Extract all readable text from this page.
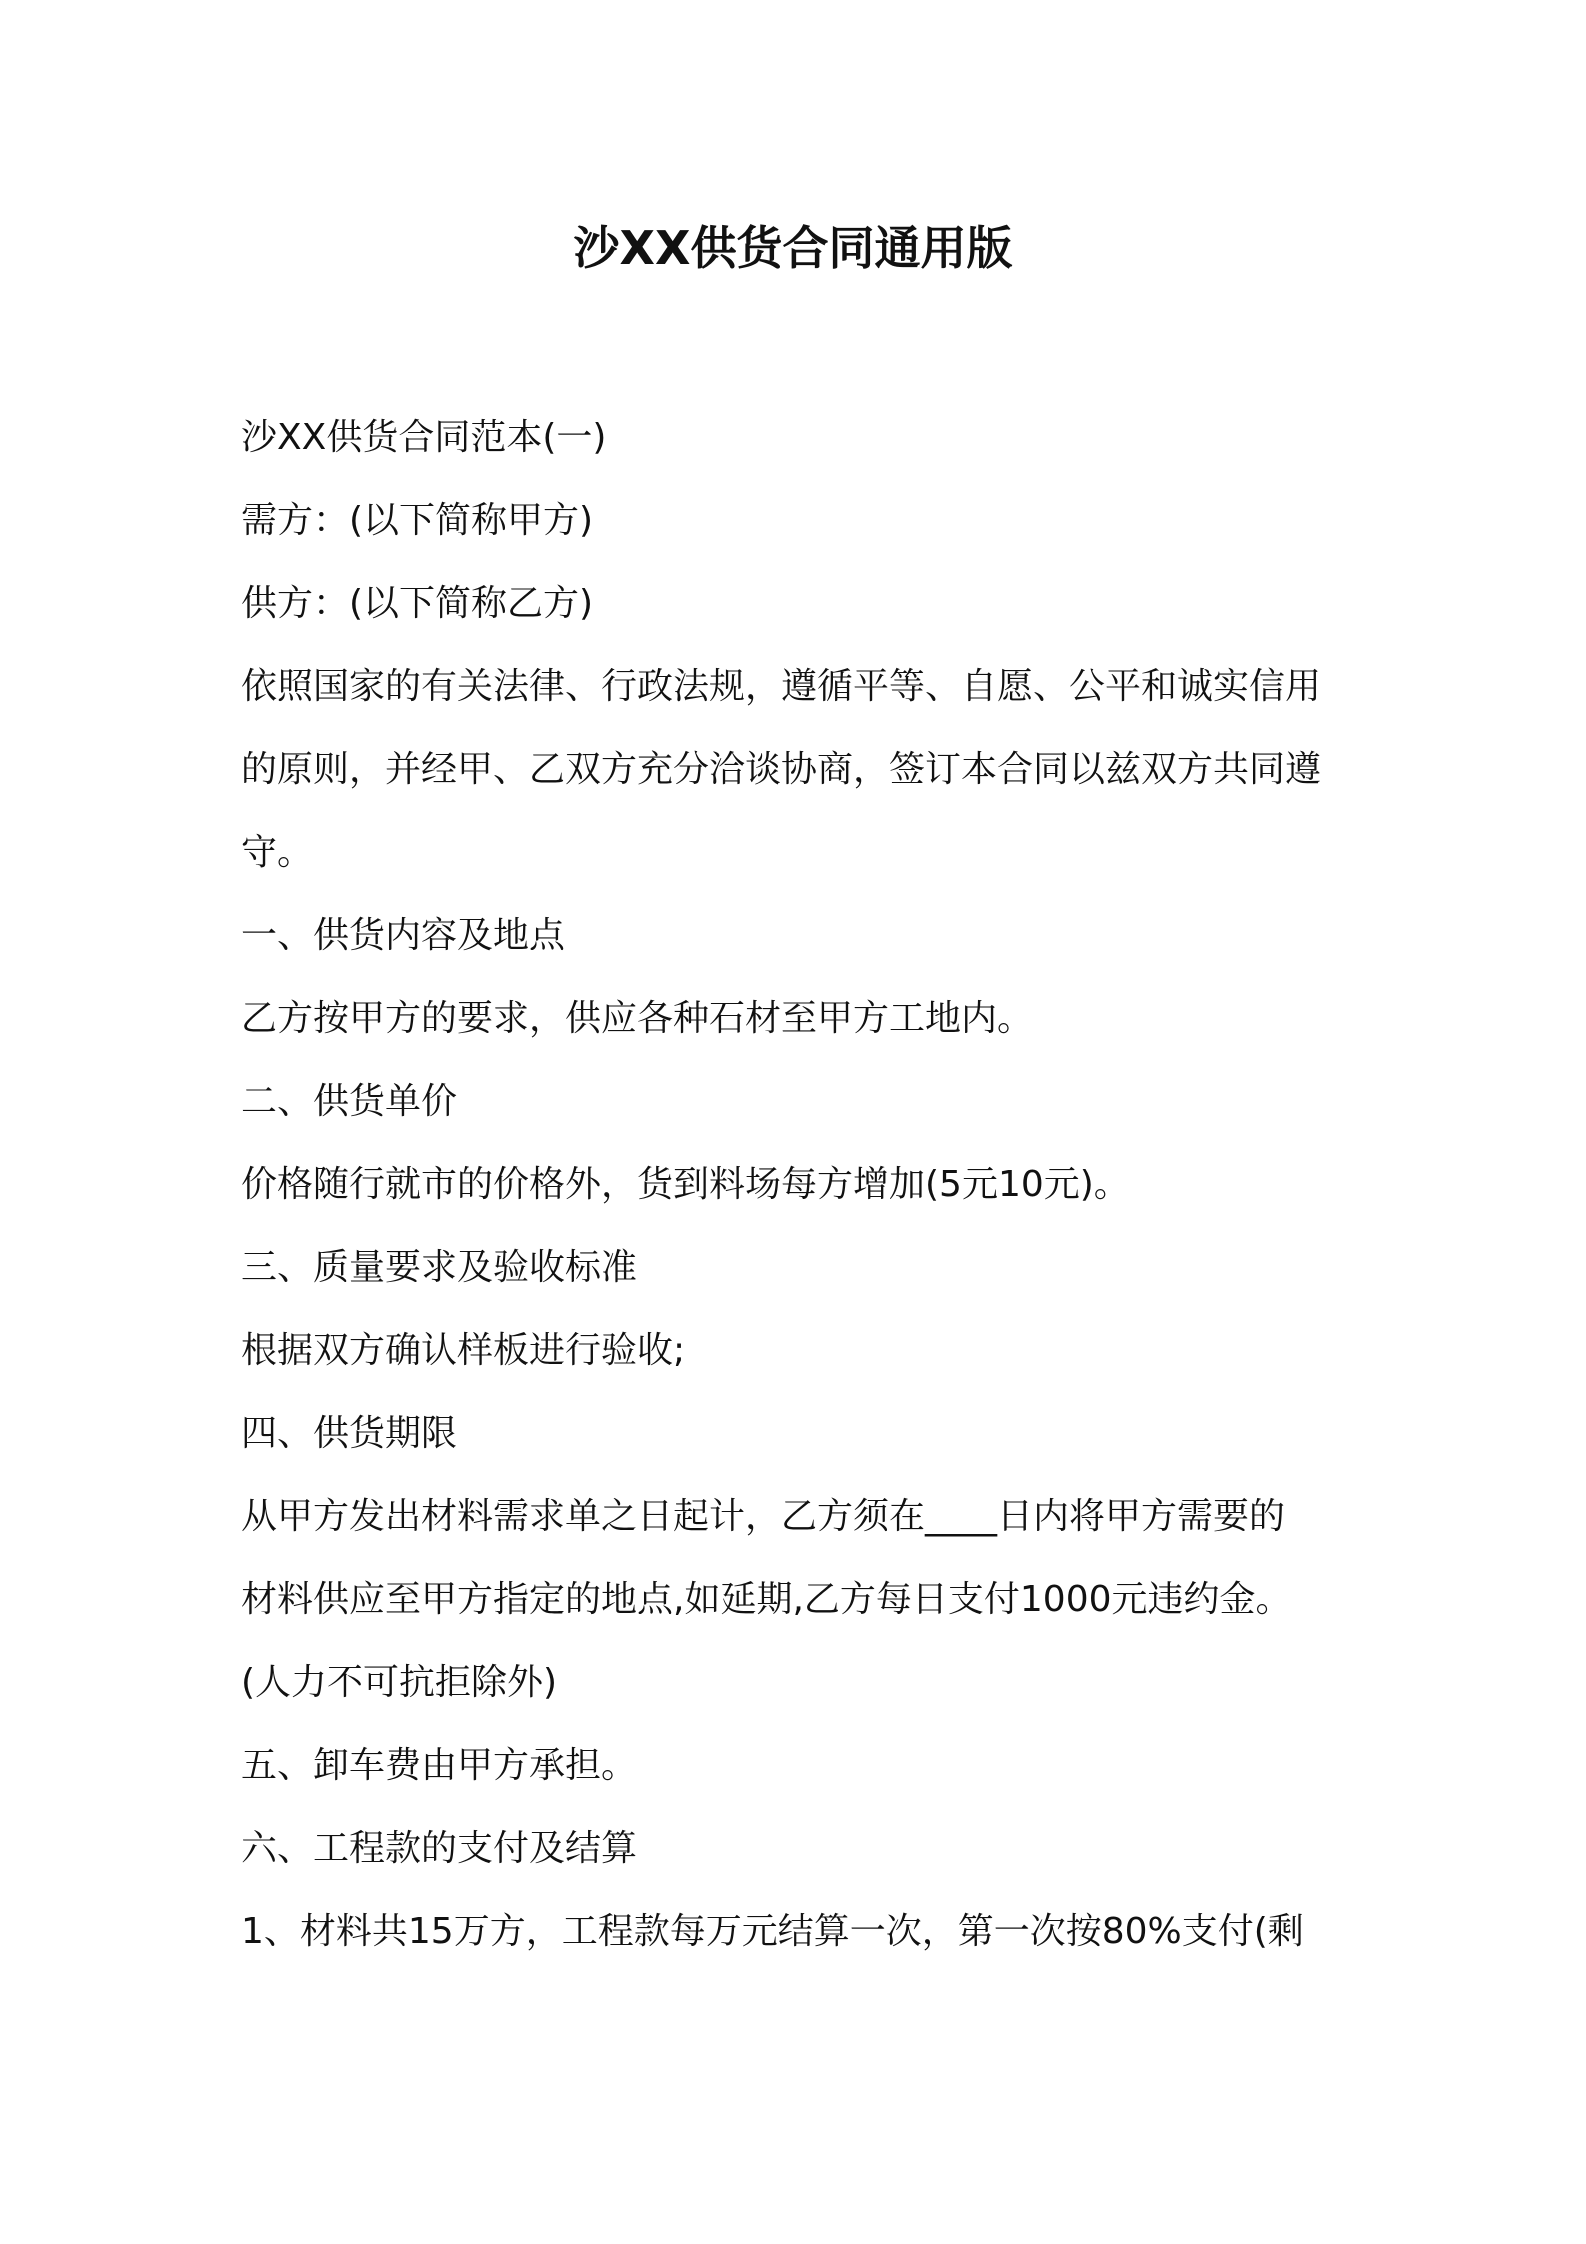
沙XX供货合同通用版

沙XX供货合同范本(一)

需方：(以下简称甲方)

供方：(以下简称乙方)

依照国家的有关法律、行政法规，遵循平等、自愿、公平和诚实信用

的原则，并经甲、乙双方充分洽谈协商，签订本合同以兹双方共同遵

守。

一、供货内容及地点

乙方按甲方的要求，供应各种石材至甲方工地内。

二、供货单价

价格随行就市的价格外，货到料场每方增加(5元10元)。

三、质量要求及验收标准

根据双方确认样板进行验收;

四、供货期限

从甲方发出材料需求单之日起计，乙方须在____日内将甲方需要的

材料供应至甲方指定的地点,如延期,乙方每日支付1000元违约金。

(人力不可抗拒除外)

五、卸车费由甲方承担。

六、工程款的支付及结算

1、材料共15万方，工程款每万元结算一次，第一次按80%支付(剩
